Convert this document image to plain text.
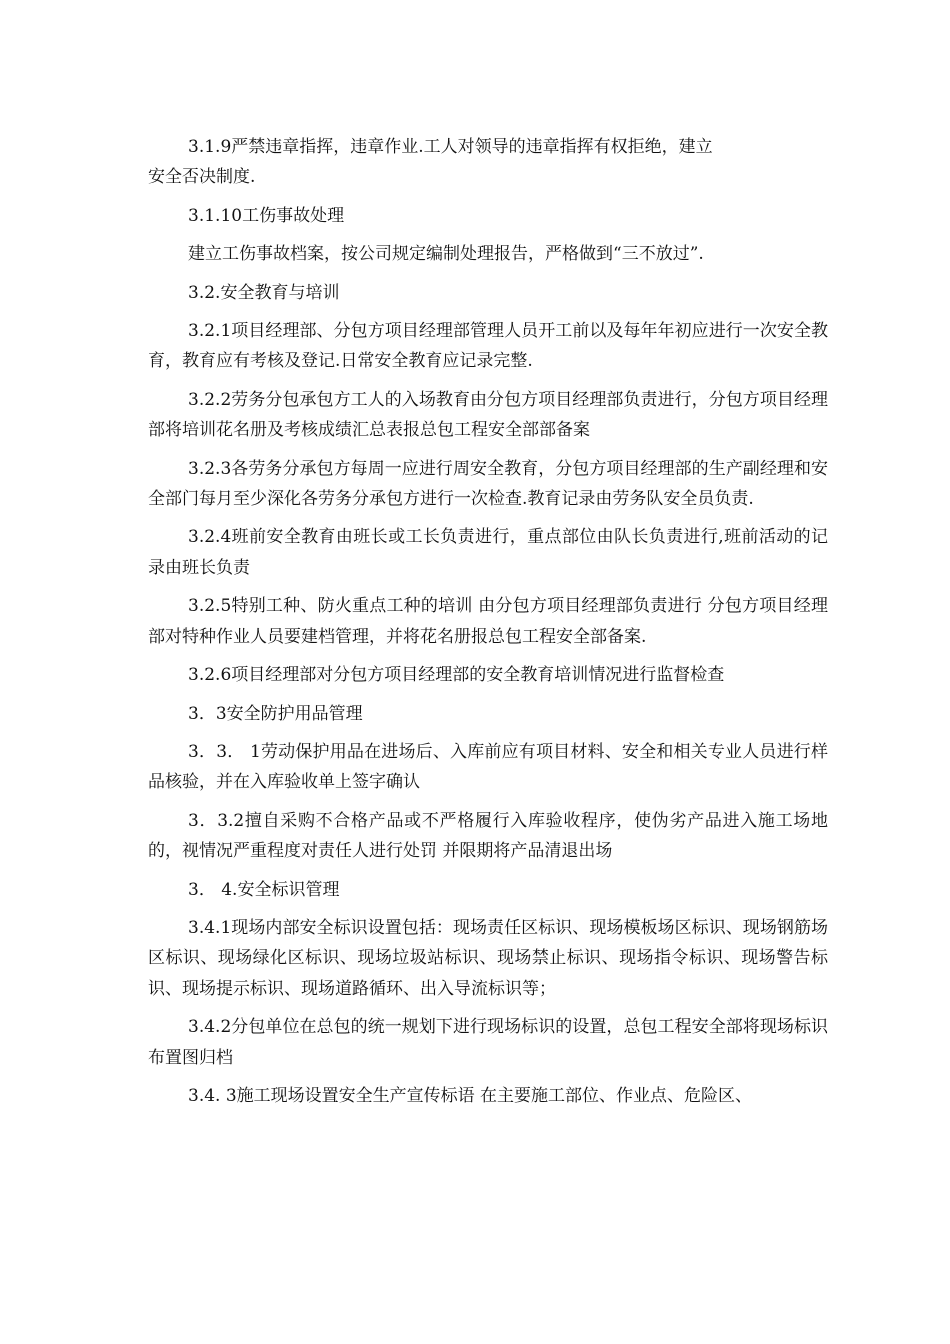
3.1.9严禁违章指挥，违章作业.工人对领导的违章指挥有权拒绝，建立

安全否决制度.

3.1.10工伤事故处理

建立工伤事故档案，按公司规定编制处理报告，严格做到“三不放过”.

3.2.安全教育与培训

3.2.1项目经理部、分包方项目经理部管理人员开工前以及每年年初应进行一次安全教育，教育应有考核及登记.日常安全教育应记录完整.

3.2.2劳务分包承包方工人的入场教育由分包方项目经理部负责进行，分包方项目经理部将培训花名册及考核成绩汇总表报总包工程安全部部备案

3.2.3各劳务分承包方每周一应进行周安全教育，分包方项目经理部的生产副经理和安全部门每月至少深化各劳务分承包方进行一次检查.教育记录由劳务队安全员负责.

3.2.4班前安全教育由班长或工长负责进行，重点部位由队长负责进行,班前活动的记录由班长负责

3.2.5特别工种、防火重点工种的培训 由分包方项目经理部负责进行 分包方项目经理部对特种作业人员要建档管理，并将花名册报总包工程安全部备案.

3.2.6项目经理部对分包方项目经理部的安全教育培训情况进行监督检查

3．3安全防护用品管理

3．3． 1劳动保护用品在进场后、入库前应有项目材料、安全和相关专业人员进行样品核验，并在入库验收单上签字确认

3．3.2擅自采购不合格产品或不严格履行入库验收程序，使伪劣产品进入施工场地的，视情况严重程度对责任人进行处罚 并限期将产品清退出场

3． 4.安全标识管理

3.4.1现场内部安全标识设置包括：现场责任区标识、现场模板场区标识、现场钢筋场区标识、现场绿化区标识、现场垃圾站标识、现场禁止标识、现场指令标识、现场警告标识、现场提示标识、现场道路循环、出入导流标识等；

3.4.2分包单位在总包的统一规划下进行现场标识的设置，总包工程安全部将现场标识布置图归档

3.4. 3施工现场设置安全生产宣传标语 在主要施工部位、作业点、危险区、
